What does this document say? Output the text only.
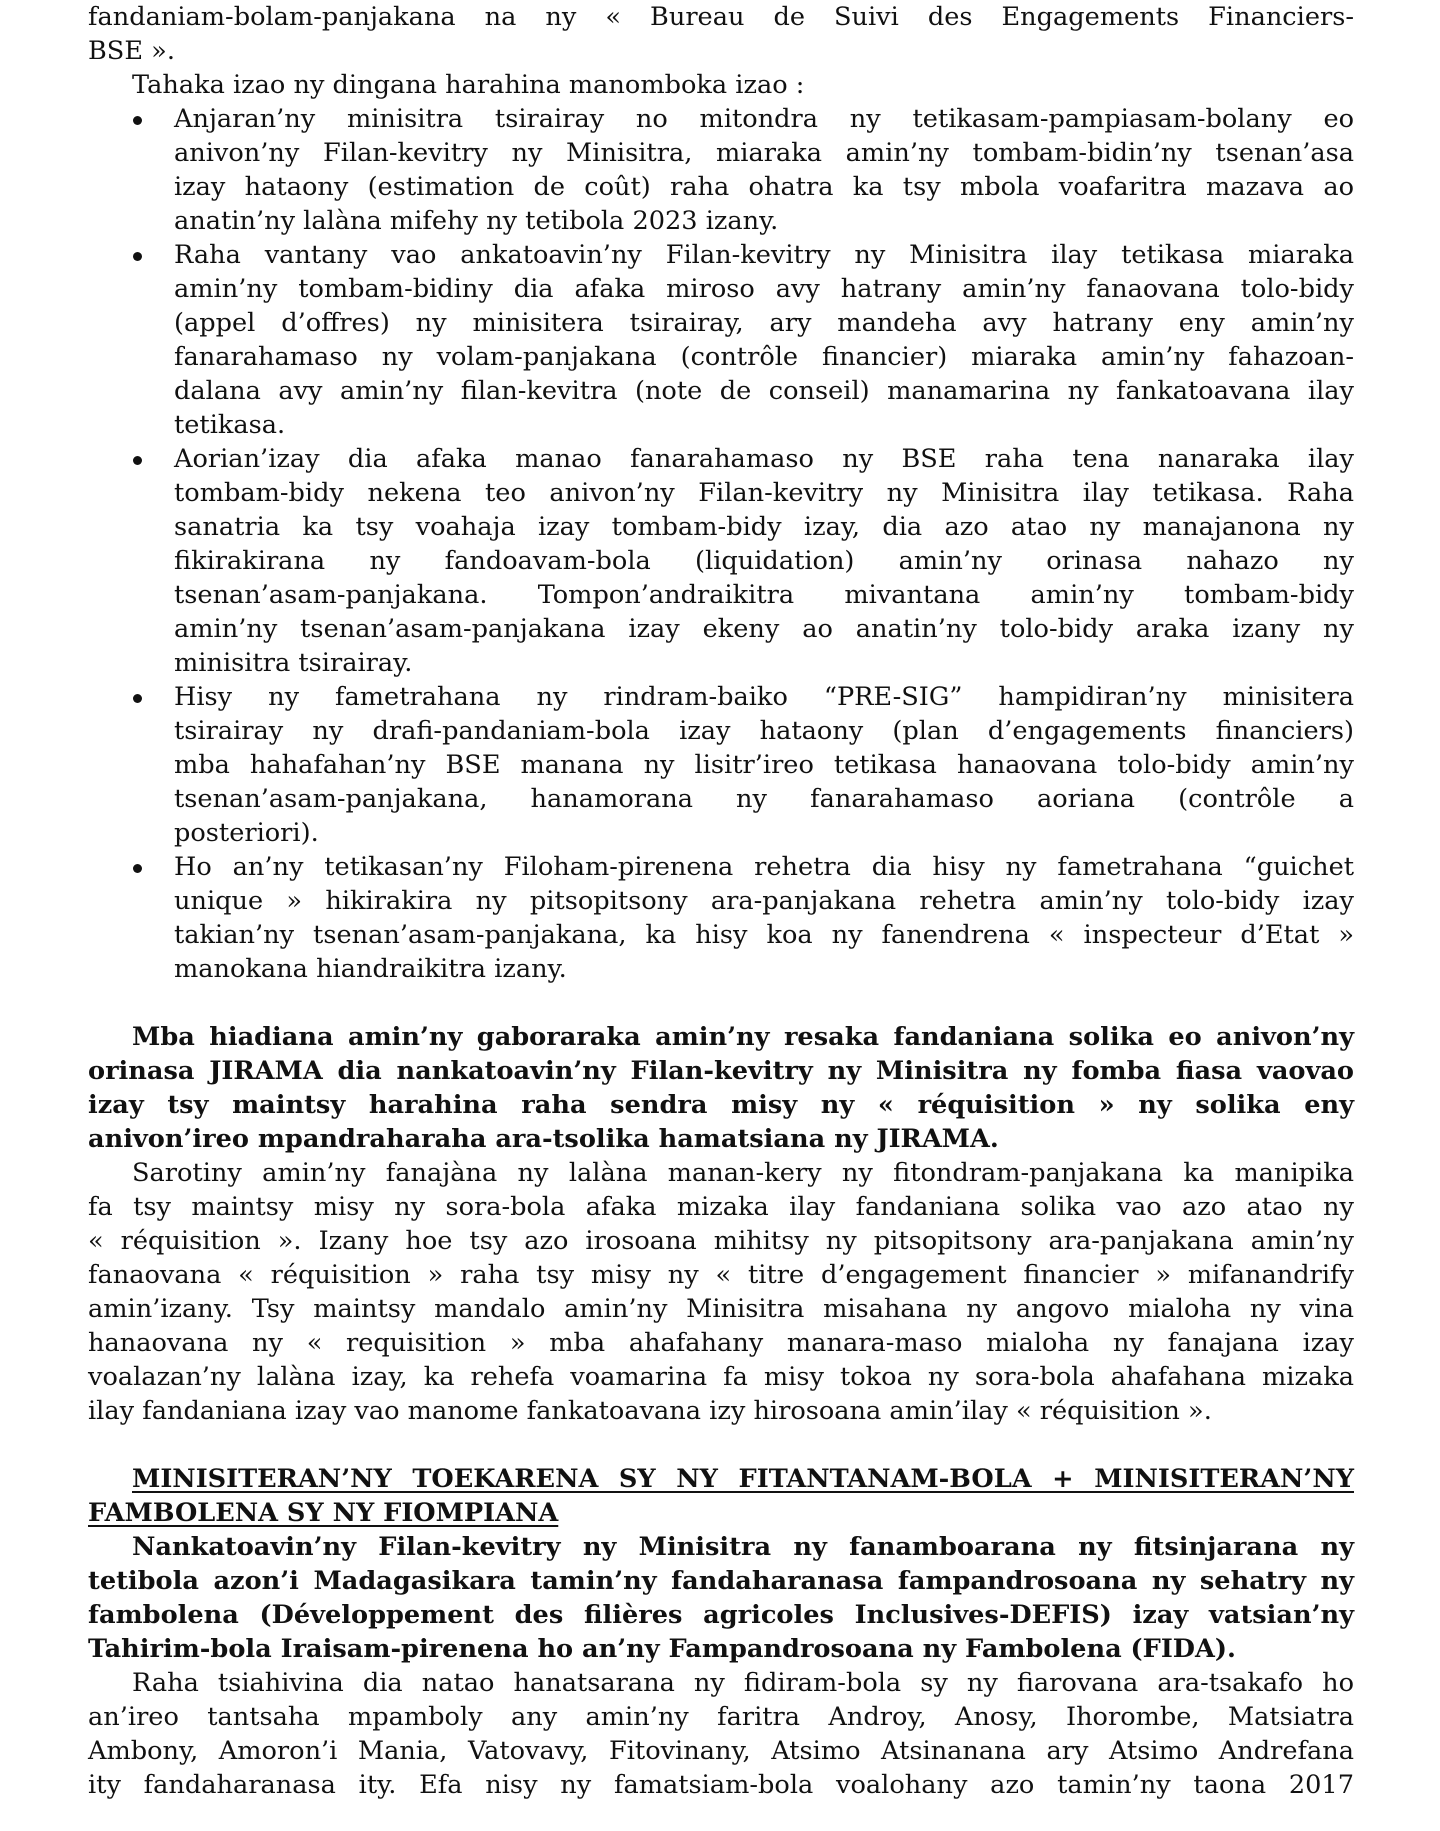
fandaniam-bolam-panjakana na ny « Bureau de Suivi des Engagements Financiers-

BSE ».

Tahaka izao ny dingana harahina manomboka izao :

Anjaran’ny minisitra tsirairay no mitondra ny tetikasam-pampiasam-bolany eo

anivon’ny Filan-kevitry ny Minisitra, miaraka amin’ny tombam-bidin’ny tsenan’asa

izay hataony (estimation de coût) raha ohatra ka tsy mbola voafaritra mazava ao

anatin’ny lalàna mifehy ny tetibola 2023 izany.

Raha vantany vao ankatoavin’ny Filan-kevitry ny Minisitra ilay tetikasa miaraka

amin’ny tombam-bidiny dia afaka miroso avy hatrany amin’ny fanaovana tolo-bidy

(appel d’offres) ny minisitera tsirairay, ary mandeha avy hatrany eny amin’ny

fanarahamaso ny volam-panjakana (contrôle financier) miaraka amin’ny fahazoan-

dalana avy amin’ny filan-kevitra (note de conseil) manamarina ny fankatoavana ilay

tetikasa.

Aorian’izay dia afaka manao fanarahamaso ny BSE raha tena nanaraka ilay

tombam-bidy nekena teo anivon’ny Filan-kevitry ny Minisitra ilay tetikasa. Raha

sanatria ka tsy voahaja izay tombam-bidy izay, dia azo atao ny manajanona ny

fikirakirana ny fandoavam-bola (liquidation) amin’ny orinasa nahazo ny

tsenan’asam-panjakana. Tompon’andraikitra mivantana amin’ny tombam-bidy

amin’ny tsenan’asam-panjakana izay ekeny ao anatin’ny tolo-bidy araka izany ny

minisitra tsirairay.

Hisy ny fametrahana ny rindram-baiko “PRE-SIG” hampidiran’ny minisitera

tsirairay ny drafi-pandaniam-bola izay hataony (plan d’engagements financiers)

mba hahafahan’ny BSE manana ny lisitr’ireo tetikasa hanaovana tolo-bidy amin’ny

tsenan’asam-panjakana, hanamorana ny fanarahamaso aoriana (contrôle a

posteriori).

Ho an’ny tetikasan’ny Filoham-pirenena rehetra dia hisy ny fametrahana “guichet

unique » hikirakira ny pitsopitsony ara-panjakana rehetra amin’ny tolo-bidy izay

takian’ny tsenan’asam-panjakana, ka hisy koa ny fanendrena « inspecteur d’Etat »

manokana hiandraikitra izany.

Mba hiadiana amin’ny gaboraraka amin’ny resaka fandaniana solika eo anivon’ny

orinasa JIRAMA dia nankatoavin’ny Filan-kevitry ny Minisitra ny fomba fiasa vaovao

izay tsy maintsy harahina raha sendra misy ny « réquisition » ny solika eny

anivon’ireo mpandraharaha ara-tsolika hamatsiana ny JIRAMA.

Sarotiny amin’ny fanajàna ny lalàna manan-kery ny fitondram-panjakana ka manipika

fa tsy maintsy misy ny sora-bola afaka mizaka ilay fandaniana solika vao azo atao ny

« réquisition ». Izany hoe tsy azo irosoana mihitsy ny pitsopitsony ara-panjakana amin’ny

fanaovana « réquisition » raha tsy misy ny « titre d’engagement financier » mifanandrify

amin’izany. Tsy maintsy mandalo amin’ny Minisitra misahana ny angovo mialoha ny vina

hanaovana ny « requisition » mba ahafahany manara-maso mialoha ny fanajana izay

voalazan’ny lalàna izay, ka rehefa voamarina fa misy tokoa ny sora-bola ahafahana mizaka

ilay fandaniana izay vao manome fankatoavana izy hirosoana amin’ilay « réquisition ».

MINISITERAN’NY TOEKARENA SY NY FITANTANAM-BOLA + MINISITERAN’NY

FAMBOLENA SY NY FIOMPIANA

Nankatoavin’ny Filan-kevitry ny Minisitra ny fanamboarana ny fitsinjarana ny

tetibola azon’i Madagasikara tamin’ny fandaharanasa fampandrosoana ny sehatry ny

fambolena (Développement des filières agricoles Inclusives-DEFIS) izay vatsian’ny

Tahirim-bola Iraisam-pirenena ho an’ny Fampandrosoana ny Fambolena (FIDA).

Raha tsiahivina dia natao hanatsarana ny fidiram-bola sy ny fiarovana ara-tsakafo ho

an’ireo tantsaha mpamboly any amin’ny faritra Androy, Anosy, Ihorombe, Matsiatra

Ambony, Amoron’i Mania, Vatovavy, Fitovinany, Atsimo Atsinanana ary Atsimo Andrefana

ity fandaharanasa ity. Efa nisy ny famatsiam-bola voalohany azo tamin’ny taona 2017
